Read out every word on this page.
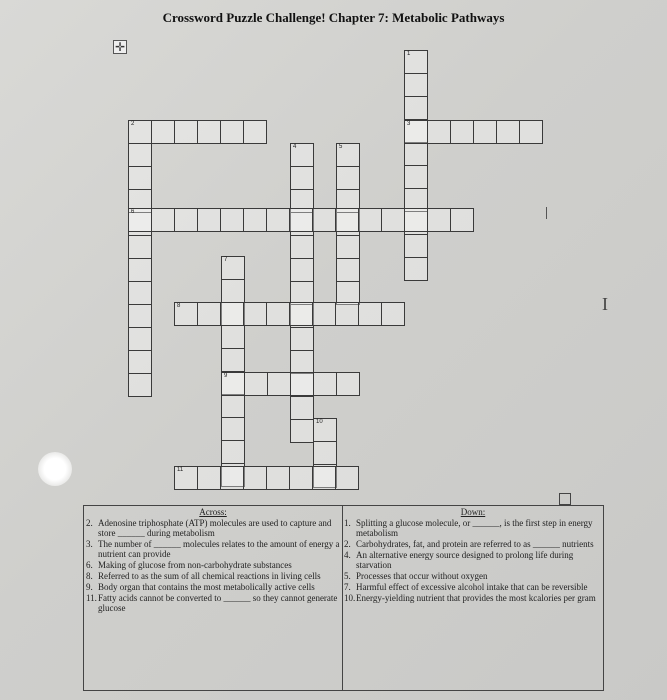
Crossword Puzzle Challenge! Chapter 7: Metabolic Pathways
✛	1
2	3
4	5
6
7
8
9
10
11
I
Across:
2. Adenosine triphosphate (ATP) molecules are used to capture and store ______ during metabolism
3. The number of ______ molecules relates to the amount of energy a nutrient can provide
6. Making of glucose from non-carbohydrate substances
8. Referred to as the sum of all chemical reactions in living cells
9. Body organ that contains the most metabolically active cells
11. Fatty acids cannot be converted to ______ so they cannot generate glucose
Down:
1. Splitting a glucose molecule, or ______, is the first step in energy metabolism
2. Carbohydrates, fat, and protein are referred to as ______ nutrients
4. An alternative energy source designed to prolong life during starvation
5. Processes that occur without oxygen
7. Harmful effect of excessive alcohol intake that can be reversible
10. Energy-yielding nutrient that provides the most kcalories per gram
